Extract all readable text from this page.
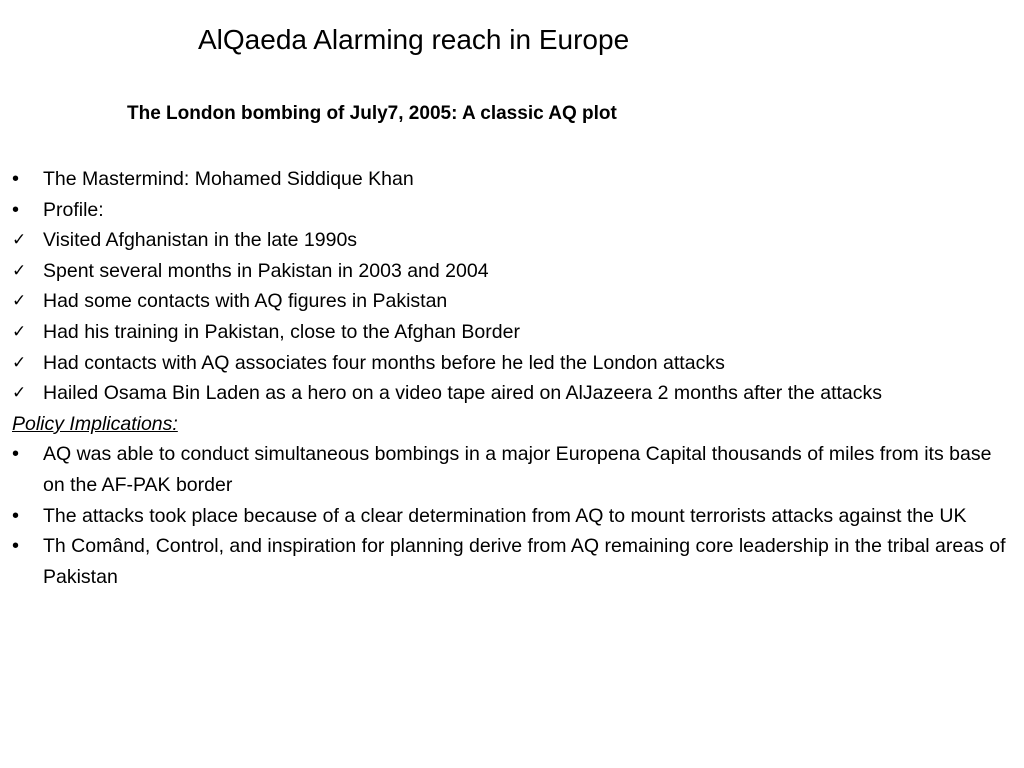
AlQaeda Alarming reach in Europe
The London bombing of July7, 2005: A classic AQ plot
•	The Mastermind: Mohamed Siddique Khan
•	Profile:
✓ Visited Afghanistan in the late 1990s
✓ Spent several months in Pakistan in 2003 and 2004
✓ Had some contacts with AQ figures in Pakistan
✓ Had his training in Pakistan, close to the Afghan Border
✓ Had contacts with AQ associates four months before he led the London attacks
✓ Hailed Osama Bin Laden as a hero on a video tape aired on AlJazeera 2 months after the attacks
Policy Implications:
•	AQ was able to conduct simultaneous bombings in a major Europena Capital thousands of miles from its base on the AF-PAK border
•	The attacks took place because of a clear determination from AQ to mount terrorists attacks against the UK
•	Th Comând, Control, and inspiration for planning derive from AQ remaining core leadership in the tribal areas of Pakistan
